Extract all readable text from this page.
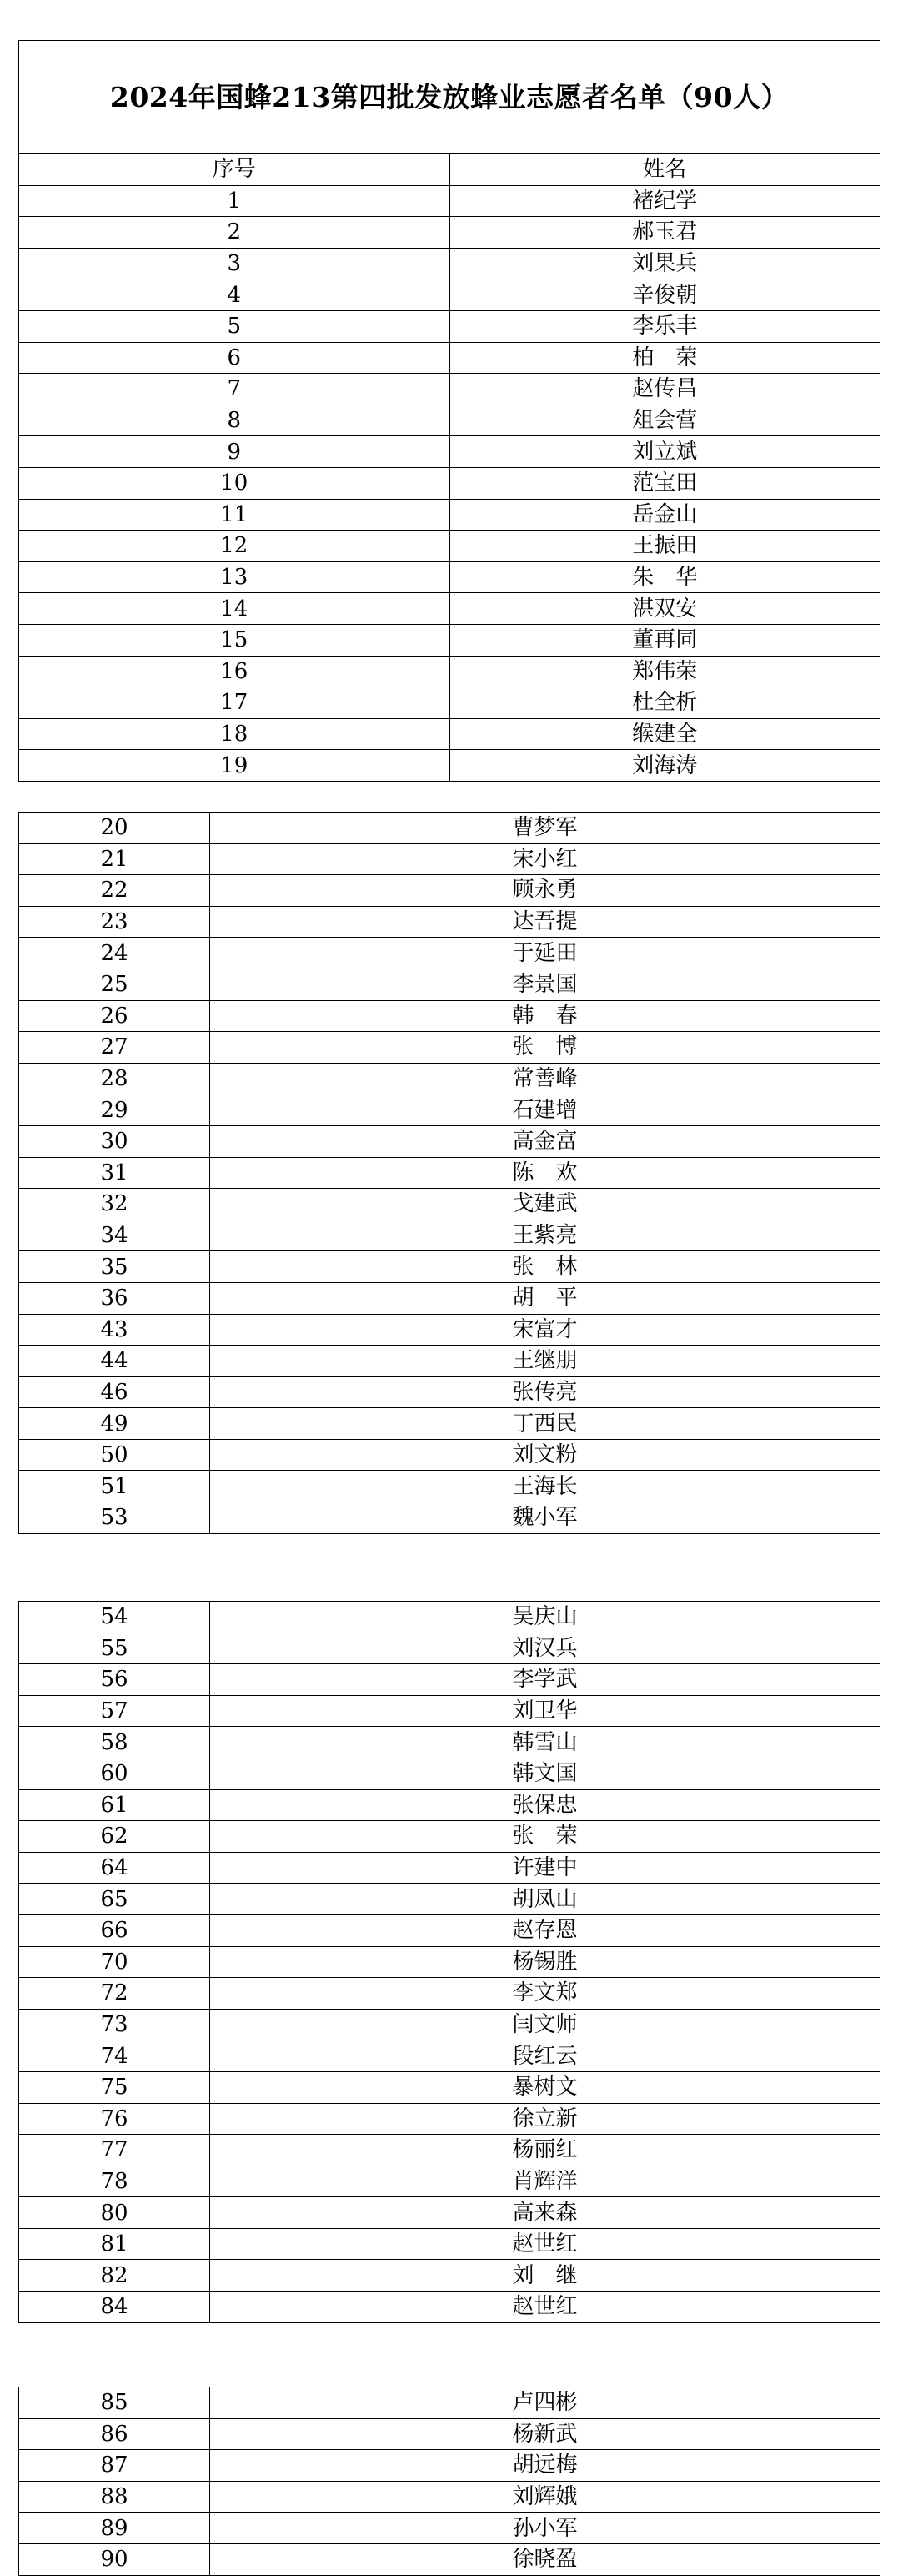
2024年国蜂213第四批发放蜂业志愿者名单（90人）	
序号	姓名
1	褚纪学
2	郝玉君
3	刘果兵
4	辛俊朝
5	李乐丰
6	柏　荣
7	赵传昌
8	俎会营
9	刘立斌
10	范宝田
11	岳金山
12	王振田
13	朱　华
14	湛双安
15	董再同
16	郑伟荣
17	杜全析
18	缑建全
19	刘海涛
20	曹梦军
21	宋小红
22	顾永勇
23	达吾提
24	于延田
25	李景国
26	韩　春
27	张　博
28	常善峰
29	石建增
30	高金富
31	陈　欢
32	戈建武
34	王紫亮
35	张　林
36	胡　平
43	宋富才
44	王继朋
46	张传亮
49	丁西民
50	刘文粉
51	王海长
53	魏小军
54	吴庆山
55	刘汉兵
56	李学武
57	刘卫华
58	韩雪山
60	韩文国
61	张保忠
62	张　荣
64	许建中
65	胡凤山
66	赵存恩
70	杨锡胜
72	李文郑
73	闫文师
74	段红云
75	暴树文
76	徐立新
77	杨丽红
78	肖辉洋
80	高来森
81	赵世红
82	刘　继
84	赵世红
85	卢四彬
86	杨新武
87	胡远梅
88	刘辉娥
89	孙小军
90	徐晓盈
